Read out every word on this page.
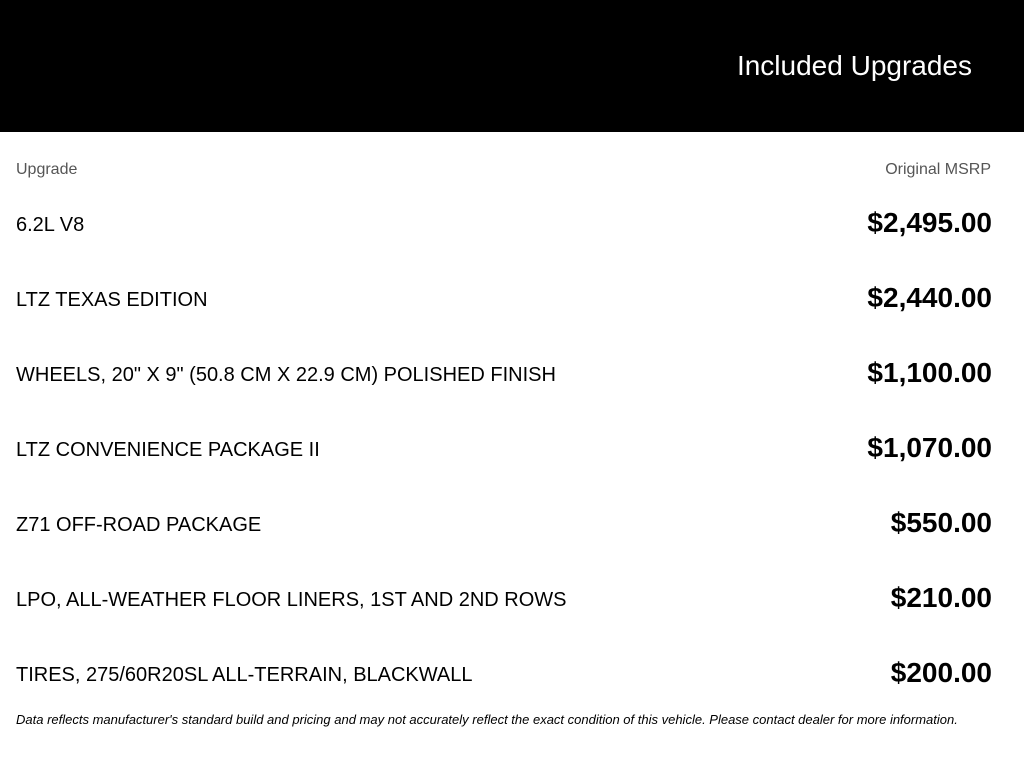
Included Upgrades
Upgrade	Original MSRP
6.2L V8	$2,495.00
LTZ TEXAS EDITION	$2,440.00
WHEELS, 20" X 9" (50.8 CM X 22.9 CM) POLISHED FINISH	$1,100.00
LTZ CONVENIENCE PACKAGE II	$1,070.00
Z71 OFF-ROAD PACKAGE	$550.00
LPO, ALL-WEATHER FLOOR LINERS, 1ST AND 2ND ROWS	$210.00
TIRES, 275/60R20SL ALL-TERRAIN, BLACKWALL	$200.00
Data reflects manufacturer's standard build and pricing and may not accurately reflect the exact condition of this vehicle. Please contact dealer for more information.
